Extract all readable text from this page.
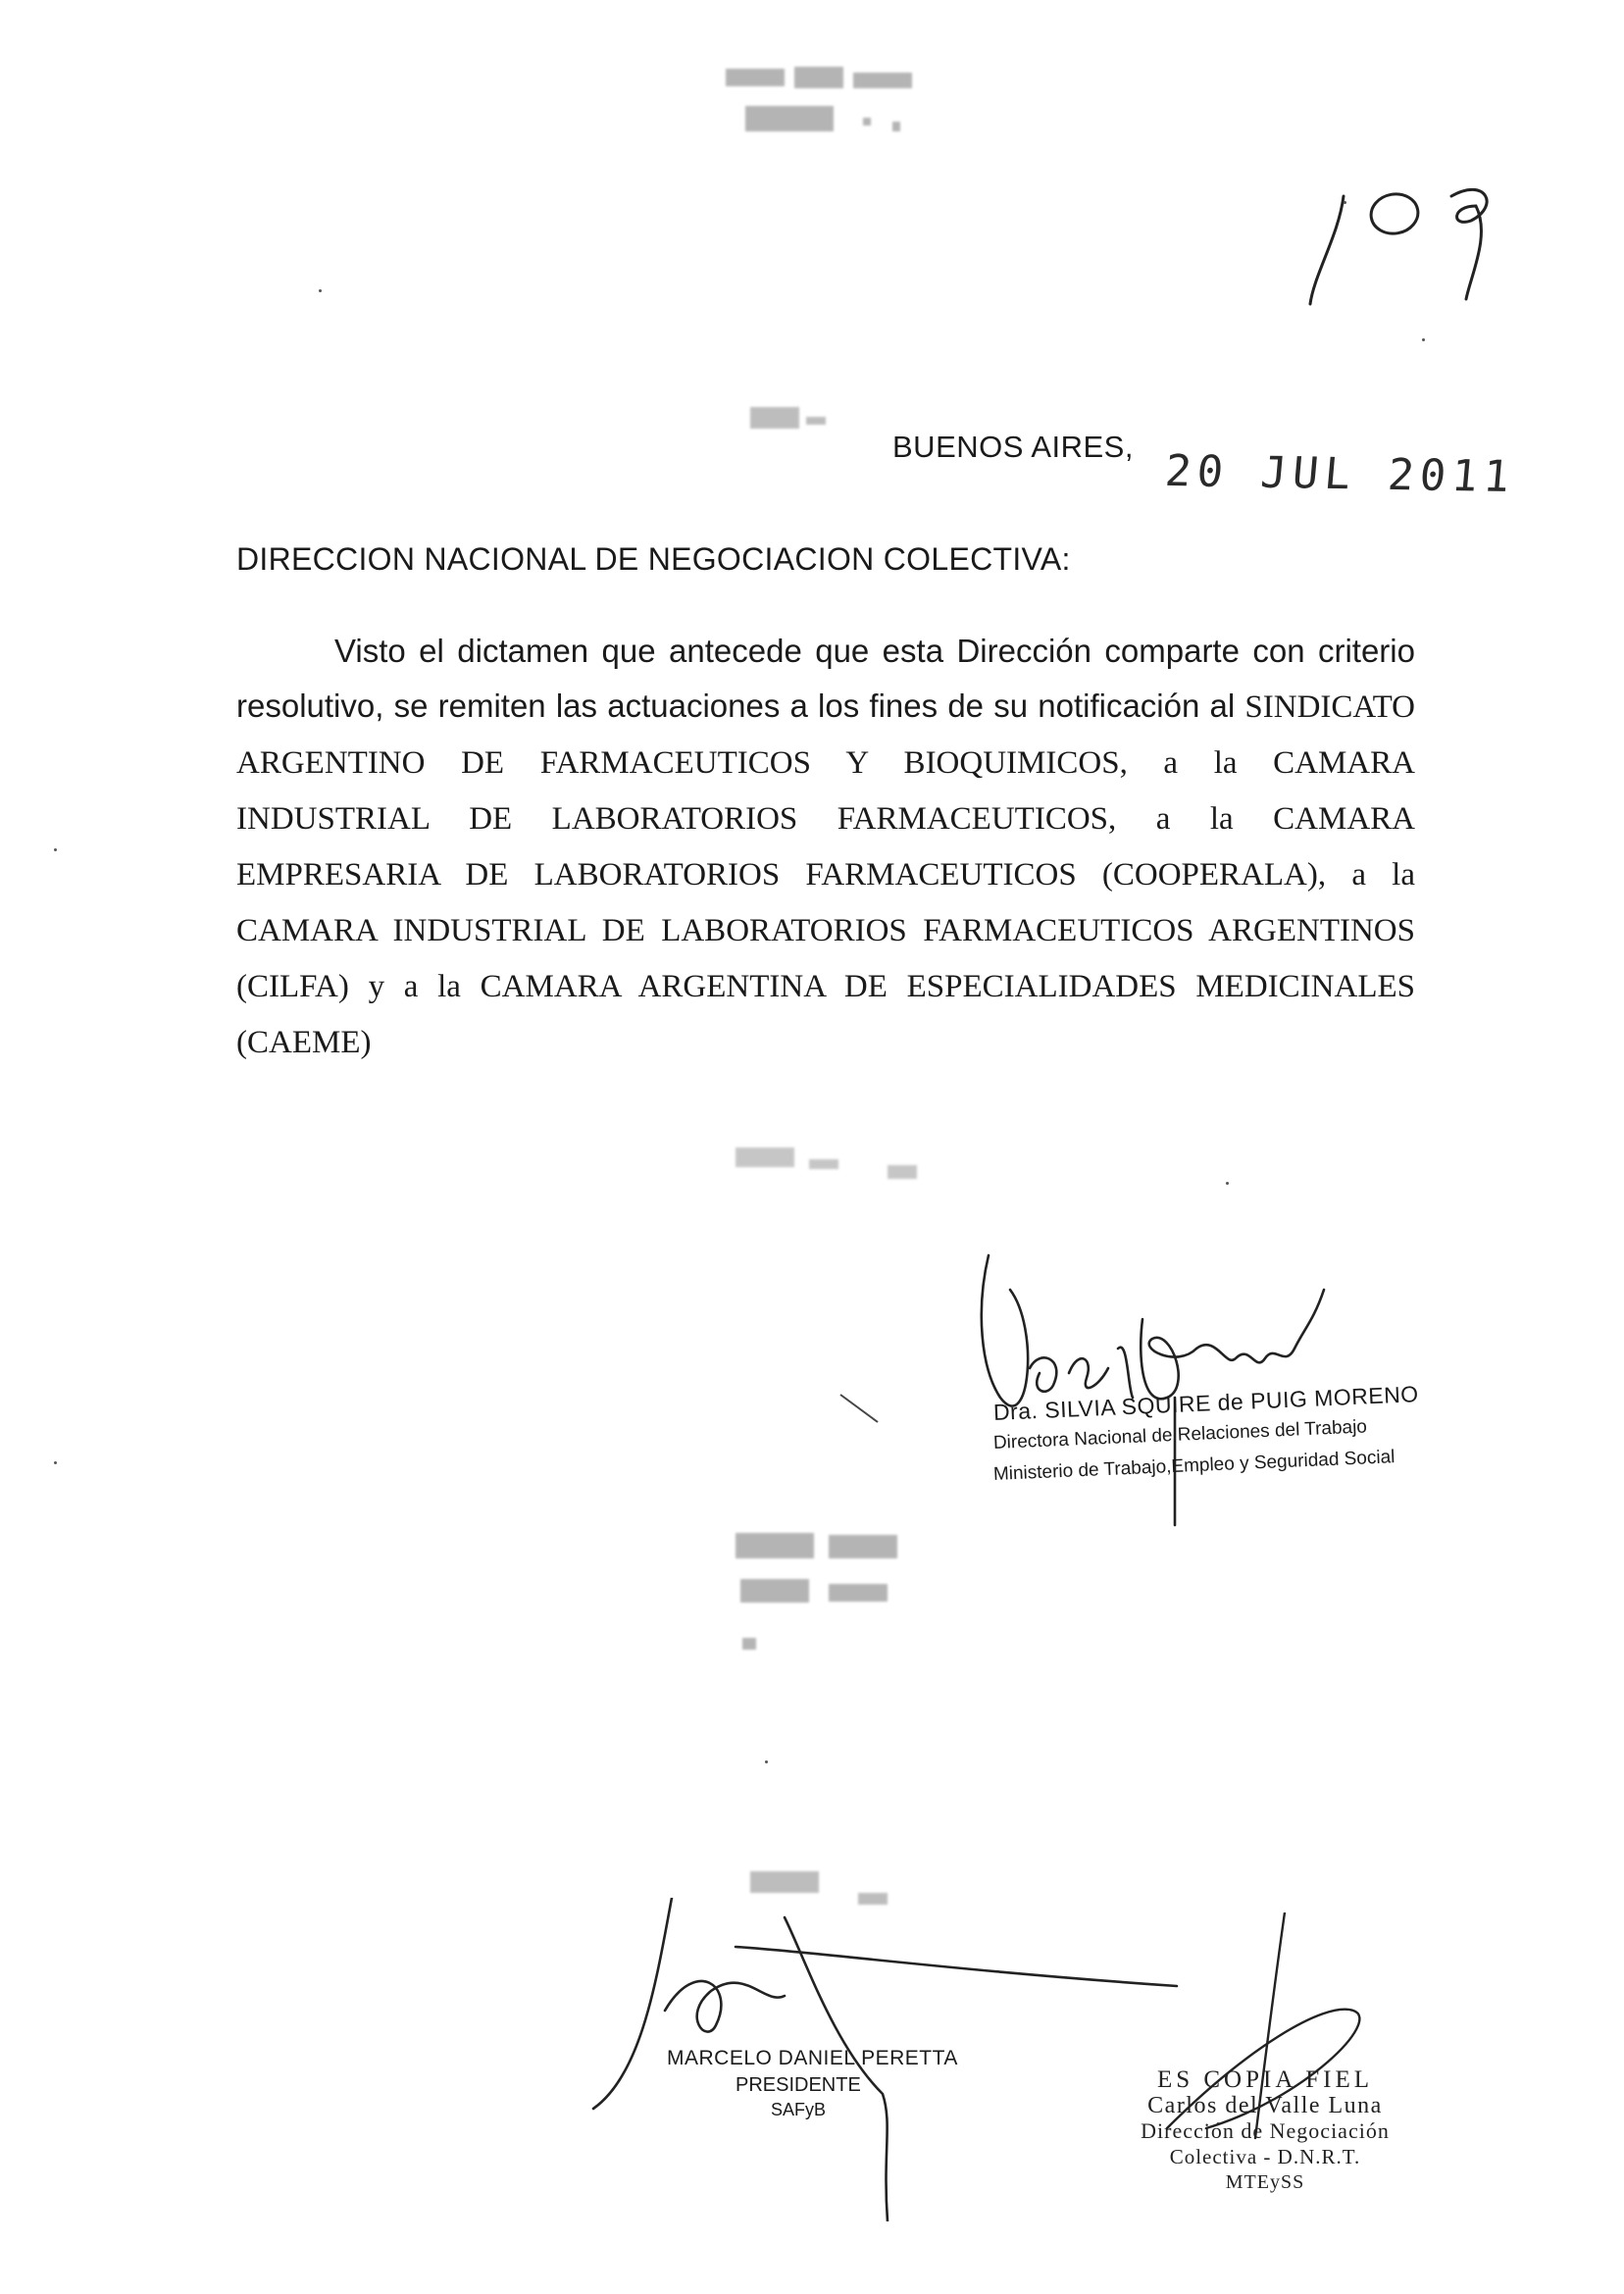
BUENOS AIRES, 20 JUL 2011
DIRECCION NACIONAL DE NEGOCIACION COLECTIVA:
Visto el dictamen que antecede que esta Dirección comparte con criterio resolutivo, se remiten las actuaciones a los fines de su notificación al SINDICATO ARGENTINO DE FARMACEUTICOS Y BIOQUIMICOS, a la CAMARA INDUSTRIAL DE LABORATORIOS FARMACEUTICOS, a la CAMARA EMPRESARIA DE LABORATORIOS FARMACEUTICOS (COOPERALA), a la CAMARA INDUSTRIAL DE LABORATORIOS FARMACEUTICOS ARGENTINOS (CILFA) y a la CAMARA ARGENTINA DE ESPECIALIDADES MEDICINALES (CAEME)
Dra. SILVIA SQUIRE de PUIG MORENO
Directora Nacional de Relaciones del Trabajo
Ministerio de Trabajo,Empleo y Seguridad Social
MARCELO DANIEL PERETTA
PRESIDENTE
SAFyB
ES COPIA FIEL
Carlos del Valle Luna
Dirección de Negociación
Colectiva - D.N.R.T.
MTEySS
